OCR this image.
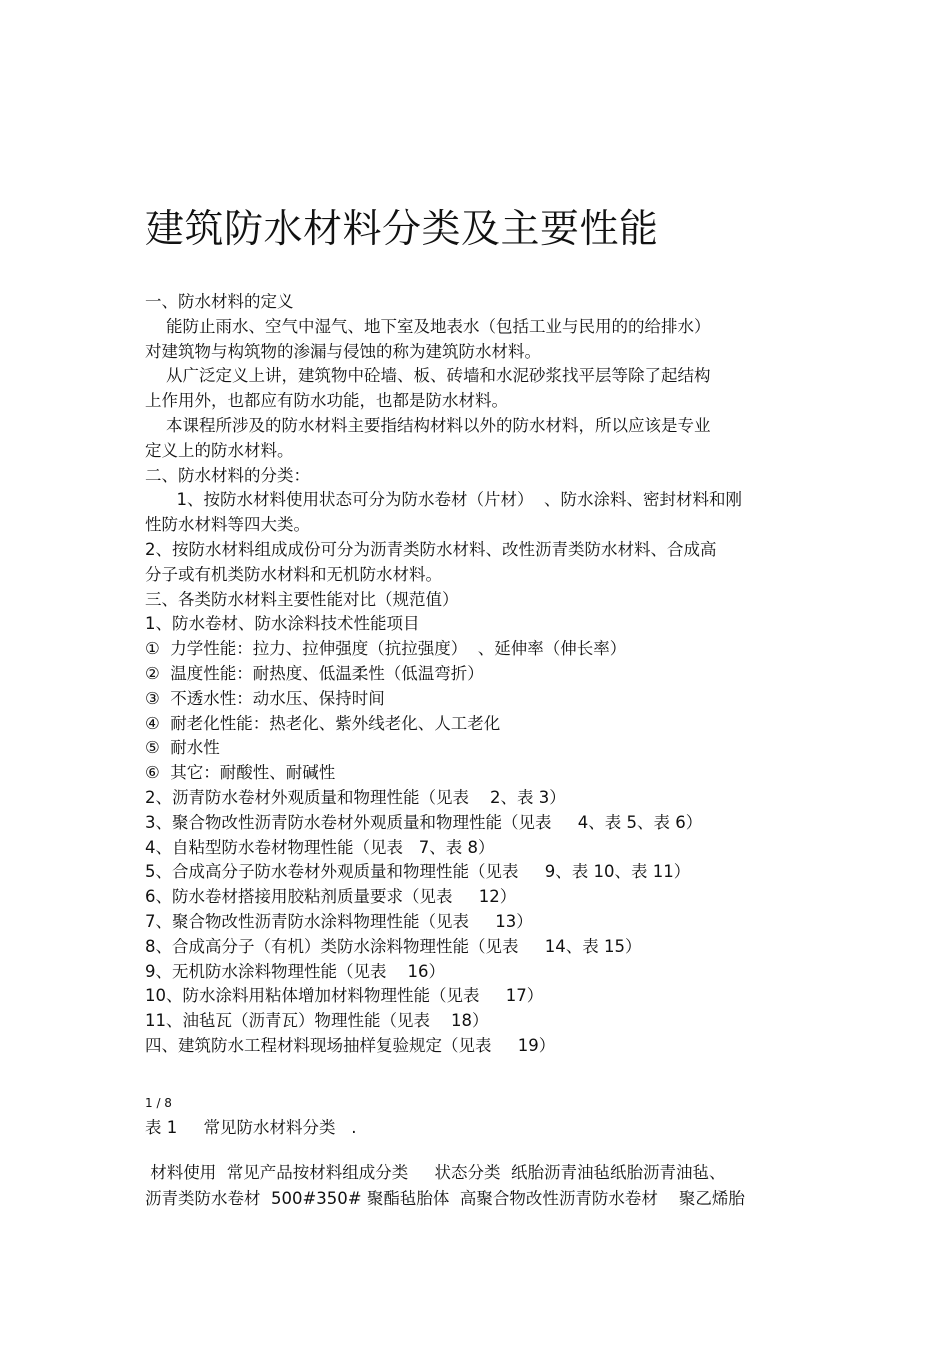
建筑防水材料分类及主要性能
一、防水材料的定义
能防止雨水、空气中湿气、地下室及地表水（包括工业与民用的的给排水）
对建筑物与构筑物的渗漏与侵蚀的称为建筑防水材料。
从广泛定义上讲，建筑物中砼墙、板、砖墙和水泥砂浆找平层等除了起结构
上作用外，也都应有防水功能，也都是防水材料。
本课程所涉及的防水材料主要指结构材料以外的防水材料，所以应该是专业
定义上的防水材料。
二、防水材料的分类：
1、按防水材料使用状态可分为防水卷材（片材）  、防水涂料、密封材料和刚
性防水材料等四大类。
2、按防水材料组成成份可分为沥青类防水材料、改性沥青类防水材料、合成高
分子或有机类防水材料和无机防水材料。
三、各类防水材料主要性能对比（规范值）
1、防水卷材、防水涂料技术性能项目
①  力学性能：拉力、拉伸强度（抗拉强度）  、延伸率（伸长率）
②  温度性能：耐热度、低温柔性（低温弯折）
③  不透水性：动水压、保持时间
④  耐老化性能：热老化、紫外线老化、人工老化
⑤  耐水性
⑥  其它：耐酸性、耐碱性
2、沥青防水卷材外观质量和物理性能（见表    2、表 3）
3、聚合物改性沥青防水卷材外观质量和物理性能（见表     4、表 5、表 6）
4、自粘型防水卷材物理性能（见表   7、表 8）
5、合成高分子防水卷材外观质量和物理性能（见表     9、表 10、表 11）
6、防水卷材搭接用胶粘剂质量要求（见表     12）
7、聚合物改性沥青防水涂料物理性能（见表     13）
8、合成高分子（有机）类防水涂料物理性能（见表     14、表 15）
9、无机防水涂料物理性能（见表    16）
10、防水涂料用粘体增加材料物理性能（见表     17）
11、油毡瓦（沥青瓦）物理性能（见表    18）
四、建筑防水工程材料现场抽样复验规定（见表     19）
1 / 8
表 1     常见防水材料分类   .
材料使用  常见产品按材料组成分类     状态分类  纸胎沥青油毡纸胎沥青油毡、
沥青类防水卷材  500#350# 聚酯毡胎体  高聚合物改性沥青防水卷材    聚乙烯胎
